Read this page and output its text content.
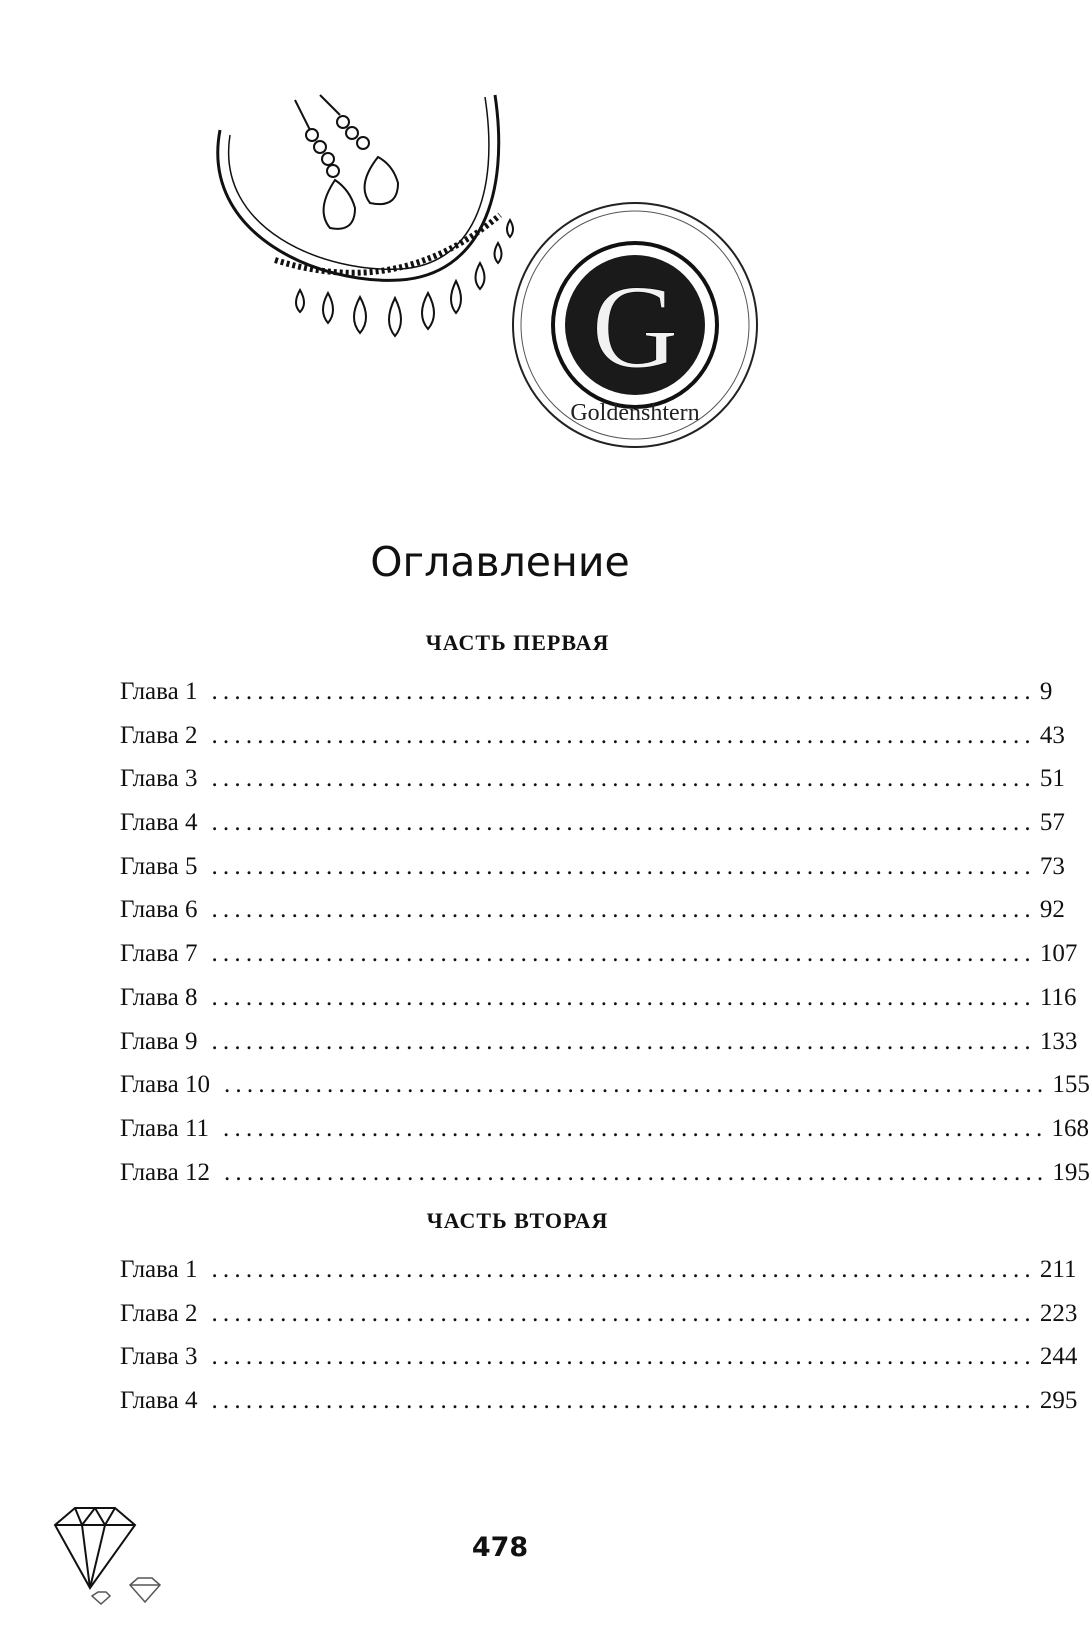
G
Goldenshtern
Оглавление
ЧАСТЬ ПЕРВАЯ
Глава 1 ........................................................................ 9
Глава 2 ........................................................................ 43
Глава 3 ........................................................................ 51
Глава 4 ........................................................................ 57
Глава 5 ........................................................................ 73
Глава 6 ........................................................................ 92
Глава 7 ........................................................................ 107
Глава 8 ........................................................................ 116
Глава 9 ........................................................................ 133
Глава 10 ........................................................................ 155
Глава 11 ........................................................................ 168
Глава 12 ........................................................................ 195
ЧАСТЬ ВТОРАЯ
Глава 1 ........................................................................ 211
Глава 2 ........................................................................ 223
Глава 3 ........................................................................ 244
Глава 4 ........................................................................ 295
478
